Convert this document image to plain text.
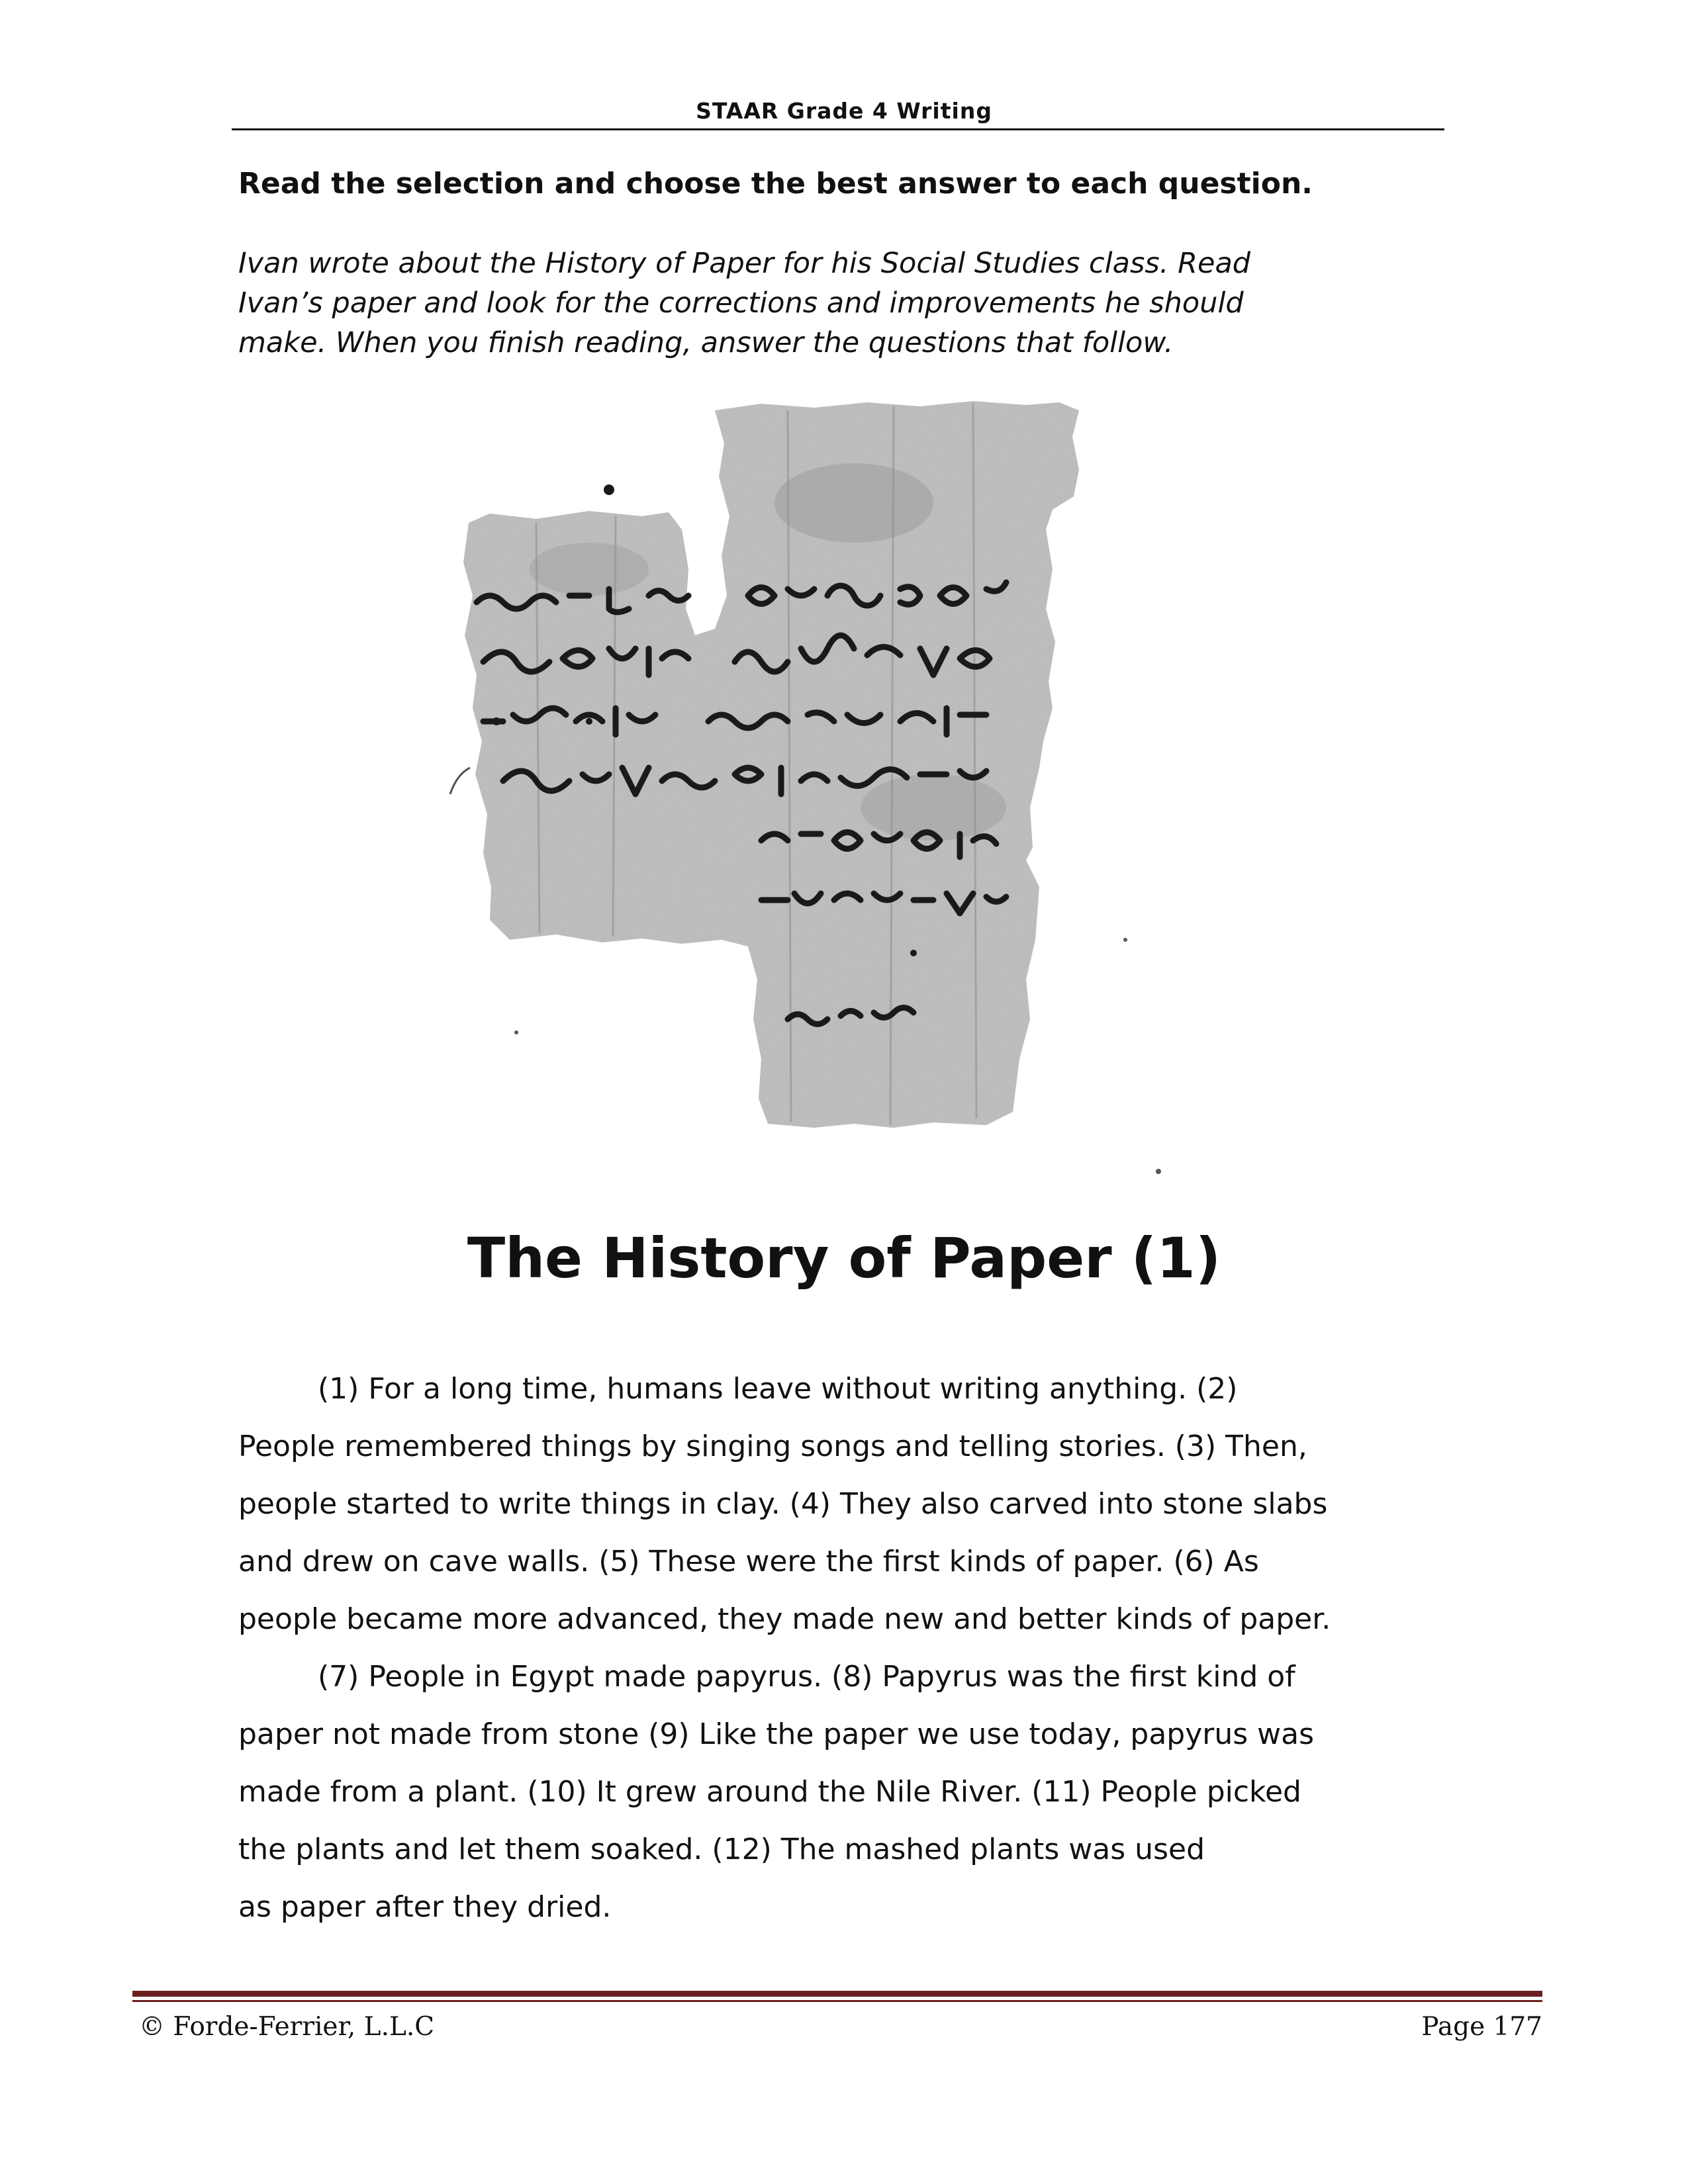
STAAR Grade 4 Writing
Read the selection and choose the best answer to each question.
Ivan wrote about the History of Paper for his Social Studies class. Read
Ivan’s paper and look for the corrections and improvements he should
make. When you finish reading, answer the questions that follow.
The History of Paper (1)
(1) For a long time, humans leave without writing anything. (2)
People remembered things by singing songs and telling stories. (3) Then,
people started to write things in clay. (4) They also carved into stone slabs
and drew on cave walls. (5) These were the first kinds of paper. (6) As
people became more advanced, they made new and better kinds of paper.
(7) People in Egypt made papyrus. (8) Papyrus was the first kind of
paper not made from stone (9) Like the paper we use today, papyrus was
made from a plant. (10) It grew around the Nile River. (11) People picked
the plants and let them soaked. (12) The mashed plants was used
as paper after they dried.
© Forde-Ferrier, L.L.C	Page 177
